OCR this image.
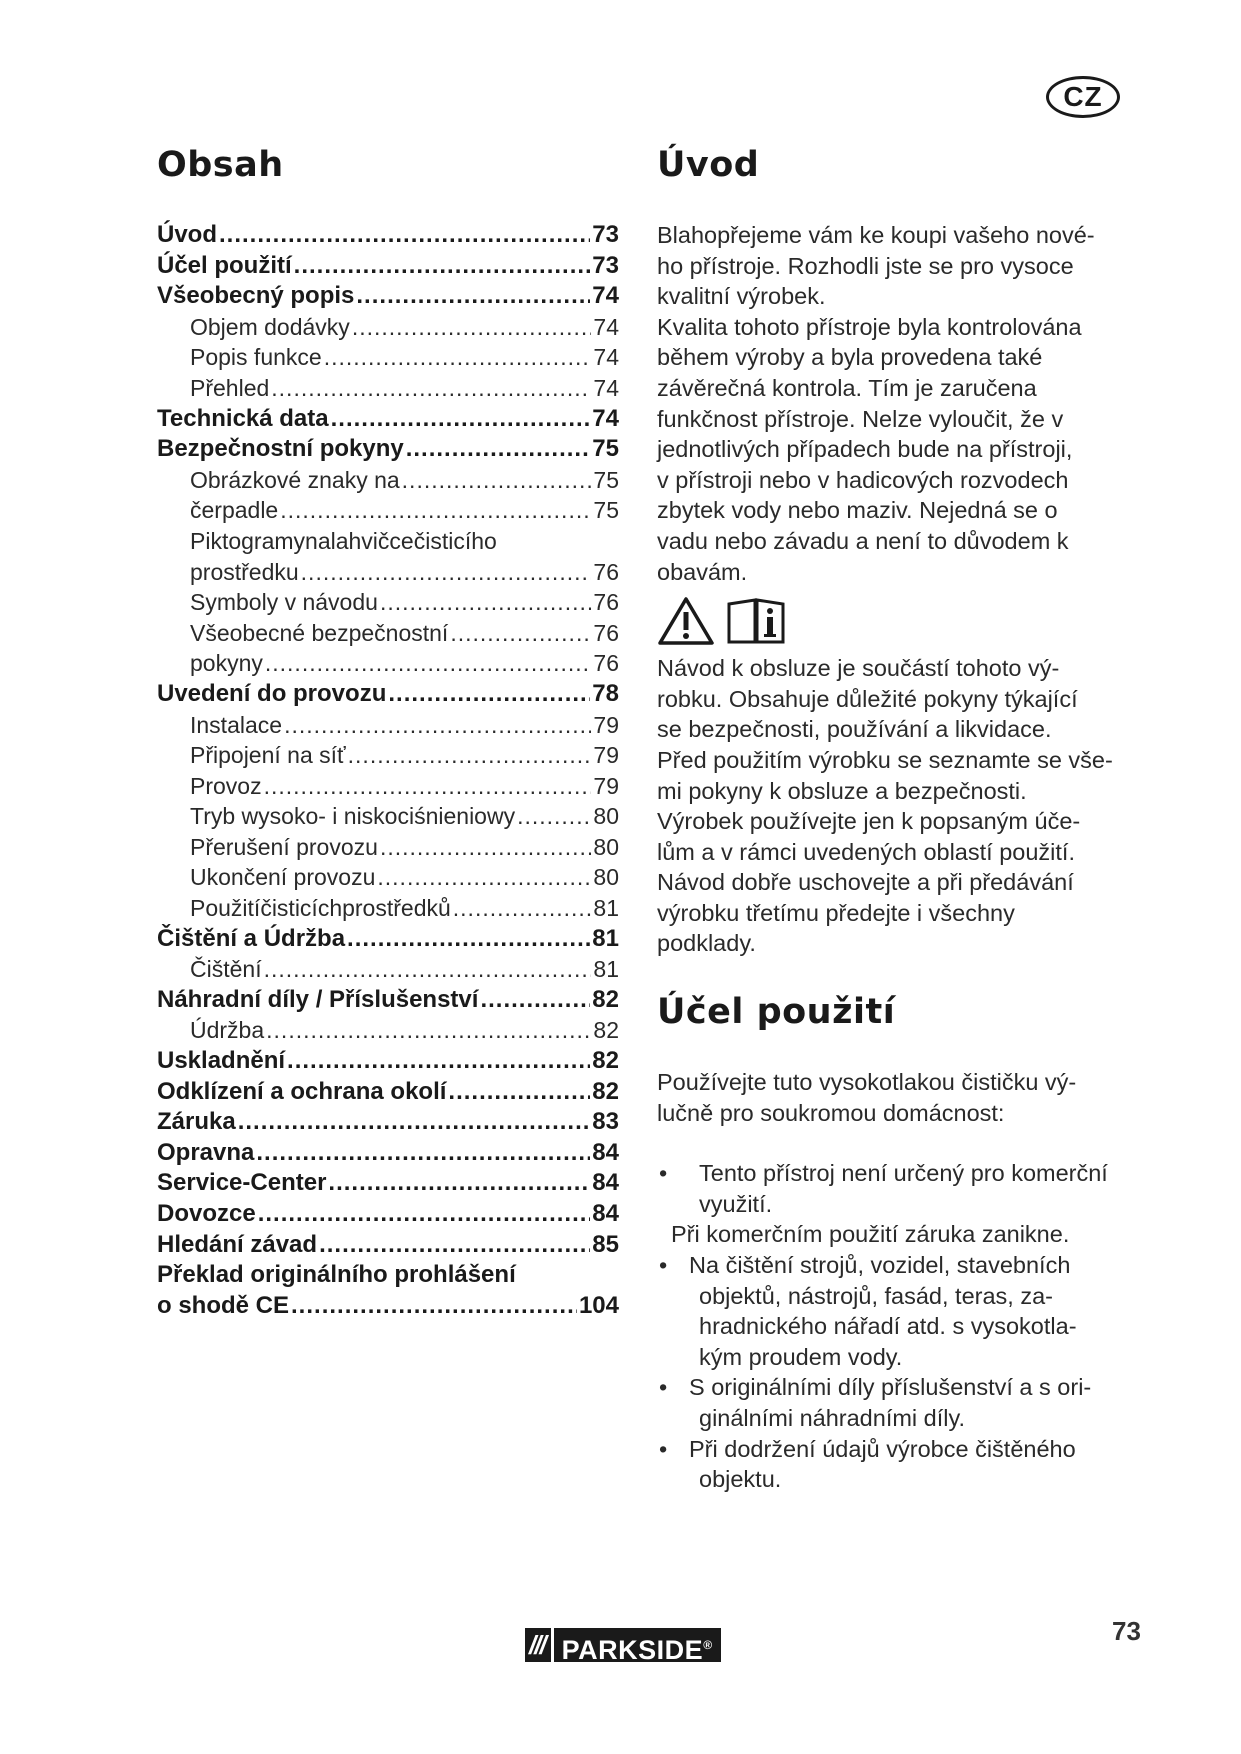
CZ
Obsah
Úvod .....	73
Účel použití .....	73
Všeobecný popis .....	74
Objem dodávky .....	74
Popis funkce .....	74
Přehled .....	74
Technická data .....	74
Bezpečnostní pokyny .....	75
Obrázkové znaky na .....	75
čerpadle .....	75
Piktogramynalahvičcečisticího
prostředku .....	76
Symboly v návodu .....	76
Všeobecné bezpečnostní .....	76
pokyny .....	76
Uvedení do provozu .....	78
Instalace .....	79
Připojení na síť .....	79
Provoz .....	79
Tryb wysoko- i niskociśnieniowy .....	80
Přerušení provozu .....	80
Ukončení provozu .....	80
Použitíčisticíchprostředků .....	81
Čištění a Údržba .....	81
Čištění .....	81
Náhradní díly / Příslušenství .....	82
Údržba .....	82
Uskladnění .....	82
Odklízení a ochrana okolí .....	82
Záruka .....	83
Opravna .....	84
Service-Center .....	84
Dovozce .....	84
Hledání závad .....	85
Překlad originálního prohlášení
o shodě CE .....	104
Úvod

Blahopřejeme vám ke koupi vašeho nové-

ho přístroje. Rozhodli jste se pro vysoce

kvalitní výrobek.

Kvalita tohoto přístroje byla kontrolována

během výroby a byla provedena také

závěrečná kontrola. Tím je zaručena

funkčnost přístroje. Nelze vyloučit, že v

jednotlivých případech bude na přístroji,

v přístroji nebo v hadicových rozvodech

zbytek vody nebo maziv. Nejedná se o

vadu nebo závadu a není to důvodem k

obavám.

Návod k obsluze je součástí tohoto vý-

robku. Obsahuje důležité pokyny týkající

se bezpečnosti, používání a likvidace.

Před použitím výrobku se seznamte se vše-

mi pokyny k obsluze a bezpečnosti.

Výrobek používejte jen k popsaným úče-

lům a v rámci uvedených oblastí použití.

Návod dobře uschovejte a při předávání

výrobku třetímu předejte i všechny

podklady.

Účel použití

Používejte tuto vysokotlakou čističku vý-

lučně pro soukromou domácnost:

•	Tento přístroj není určený pro komerční
využití.
Při komerčním použití záruka zanikne.
• Na čištění strojů, vozidel, stavebních
objektů, nástrojů, fasád, teras, za-
hradnického nářadí atd. s vysokotla-
kým proudem vody.
• S originálními díly příslušenství a s ori-
ginálními náhradními díly.
• Při dodržení údajů výrobce čištěného
objektu.
/// PARKSIDE®	73
